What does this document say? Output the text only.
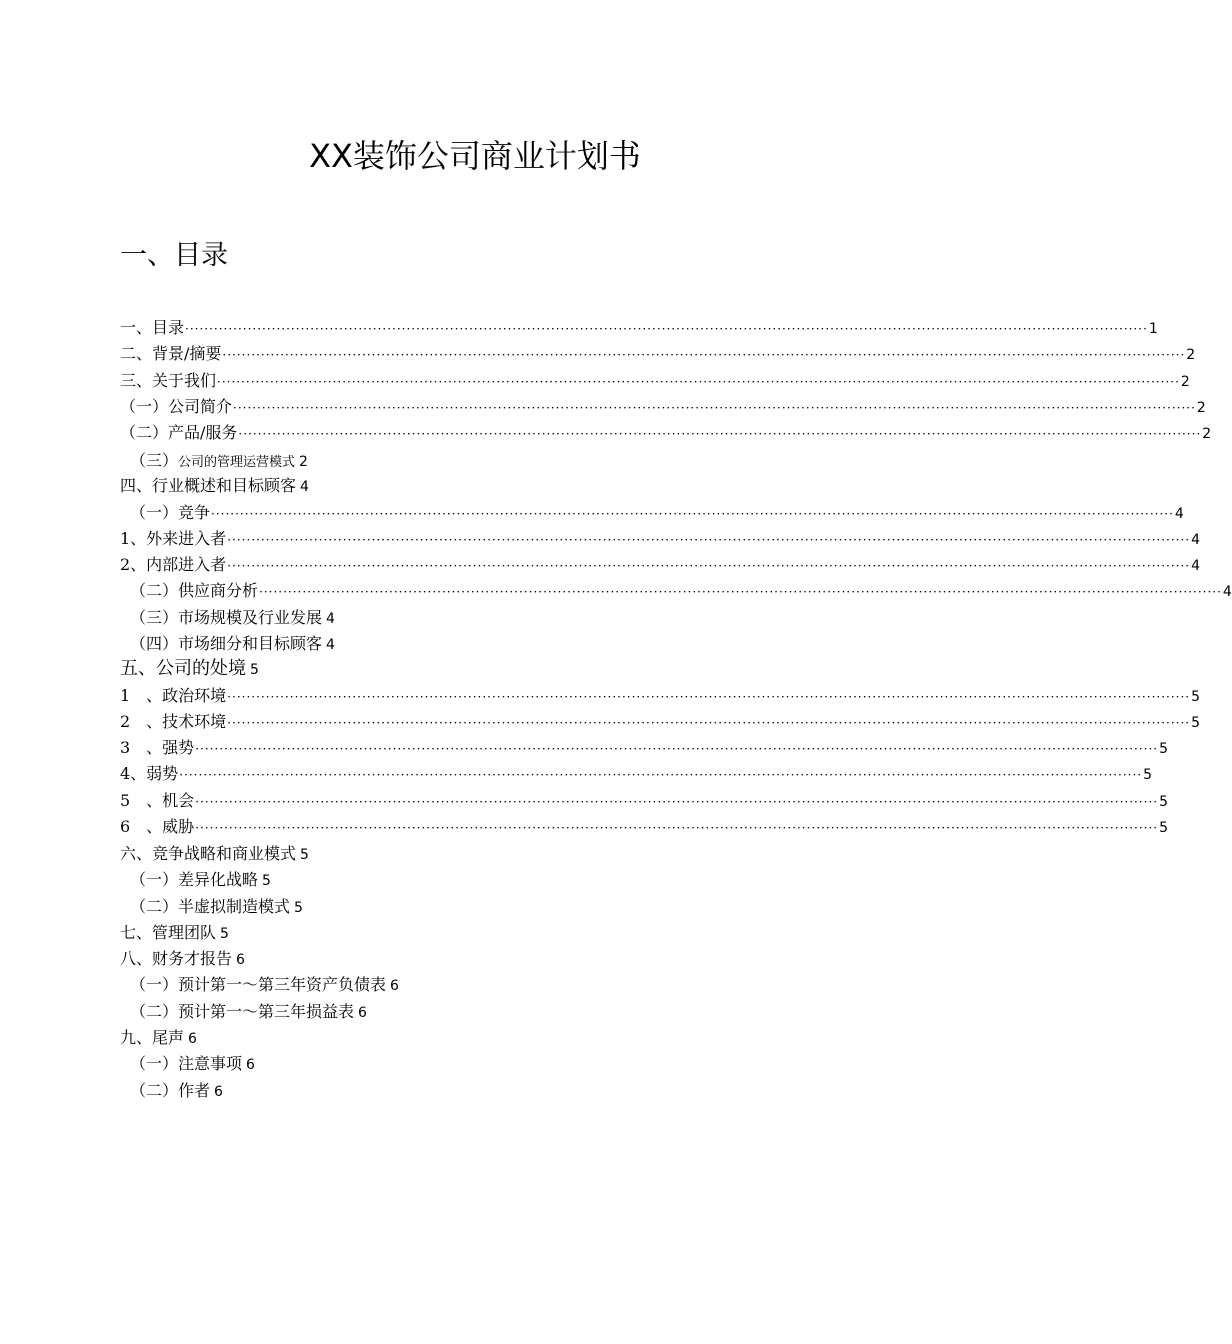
XX装饰公司商业计划书
一、目录
一、目录 ········································································································································································································ 1
二、背景/摘要 ········································································································································································································ 2
三、关于我们 ········································································································································································································ 2
（一）公司简介 ········································································································································································································ 2
（二）产品/服务 ········································································································································································································ 2
（三） 公司的管理运营模式 2
四、行业概述和目标顾客 4
（一）竞争 ········································································································································································································ 4
1、外来进入者 ········································································································································································································ 4
2、内部进入者 ········································································································································································································ 4
（二）供应商分析 ········································································································································································································ 4
（三）市场规模及行业发展 4
（四）市场细分和目标顾客 4
五、公司的处境 5
1　、政治环境 ········································································································································································································ 5
2　、技术环境 ········································································································································································································ 5
3　、强势 ········································································································································································································ 5
4、弱势 ········································································································································································································ 5
5　、机会 ········································································································································································································ 5
6　、威胁 ········································································································································································································ 5
六、竞争战略和商业模式 5
（一）差异化战略 5
（二）半虚拟制造模式 5
七、管理团队 5
八、财务才报告 6
（一）预计第一〜第三年资产负债表 6
（二）预计第一〜第三年损益表 6
九、尾声 6
（一）注意事项 6
（二）作者 6
